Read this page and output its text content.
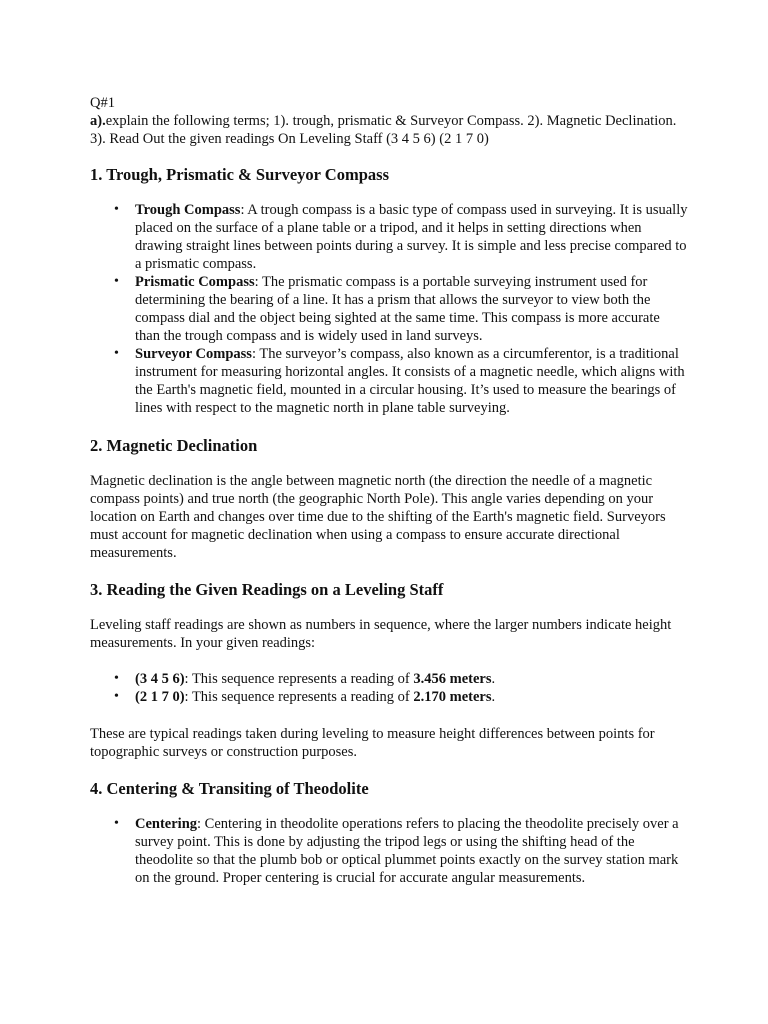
Q#1

a).explain the following terms; 1). trough, prismatic & Surveyor Compass. 2). Magnetic Declination. 3). Read Out the given readings On Leveling Staff (3 4 5 6) (2 1 7 0)

1. Trough, Prismatic & Surveyor Compass
• Trough Compass: A trough compass is a basic type of compass used in surveying. It is usually placed on the surface of a plane table or a tripod, and it helps in setting directions when drawing straight lines between points during a survey. It is simple and less precise compared to a prismatic compass.
• Prismatic Compass: The prismatic compass is a portable surveying instrument used for determining the bearing of a line. It has a prism that allows the surveyor to view both the compass dial and the object being sighted at the same time. This compass is more accurate than the trough compass and is widely used in land surveys.
• Surveyor Compass: The surveyor’s compass, also known as a circumferentor, is a traditional instrument for measuring horizontal angles. It consists of a magnetic needle, which aligns with the Earth's magnetic field, mounted in a circular housing. It’s used to measure the bearings of lines with respect to the magnetic north in plane table surveying.
2. Magnetic Declination

Magnetic declination is the angle between magnetic north (the direction the needle of a magnetic compass points) and true north (the geographic North Pole). This angle varies depending on your location on Earth and changes over time due to the shifting of the Earth's magnetic field. Surveyors must account for magnetic declination when using a compass to ensure accurate directional measurements.

3. Reading the Given Readings on a Leveling Staff

Leveling staff readings are shown as numbers in sequence, where the larger numbers indicate height measurements. In your given readings:

• (3 4 5 6): This sequence represents a reading of 3.456 meters.
• (2 1 7 0): This sequence represents a reading of 2.170 meters.

These are typical readings taken during leveling to measure height differences between points for topographic surveys or construction purposes.

4. Centering & Transiting of Theodolite
• Centering: Centering in theodolite operations refers to placing the theodolite precisely over a survey point. This is done by adjusting the tripod legs or using the shifting head of the theodolite so that the plumb bob or optical plummet points exactly on the survey station mark on the ground. Proper centering is crucial for accurate angular measurements.
